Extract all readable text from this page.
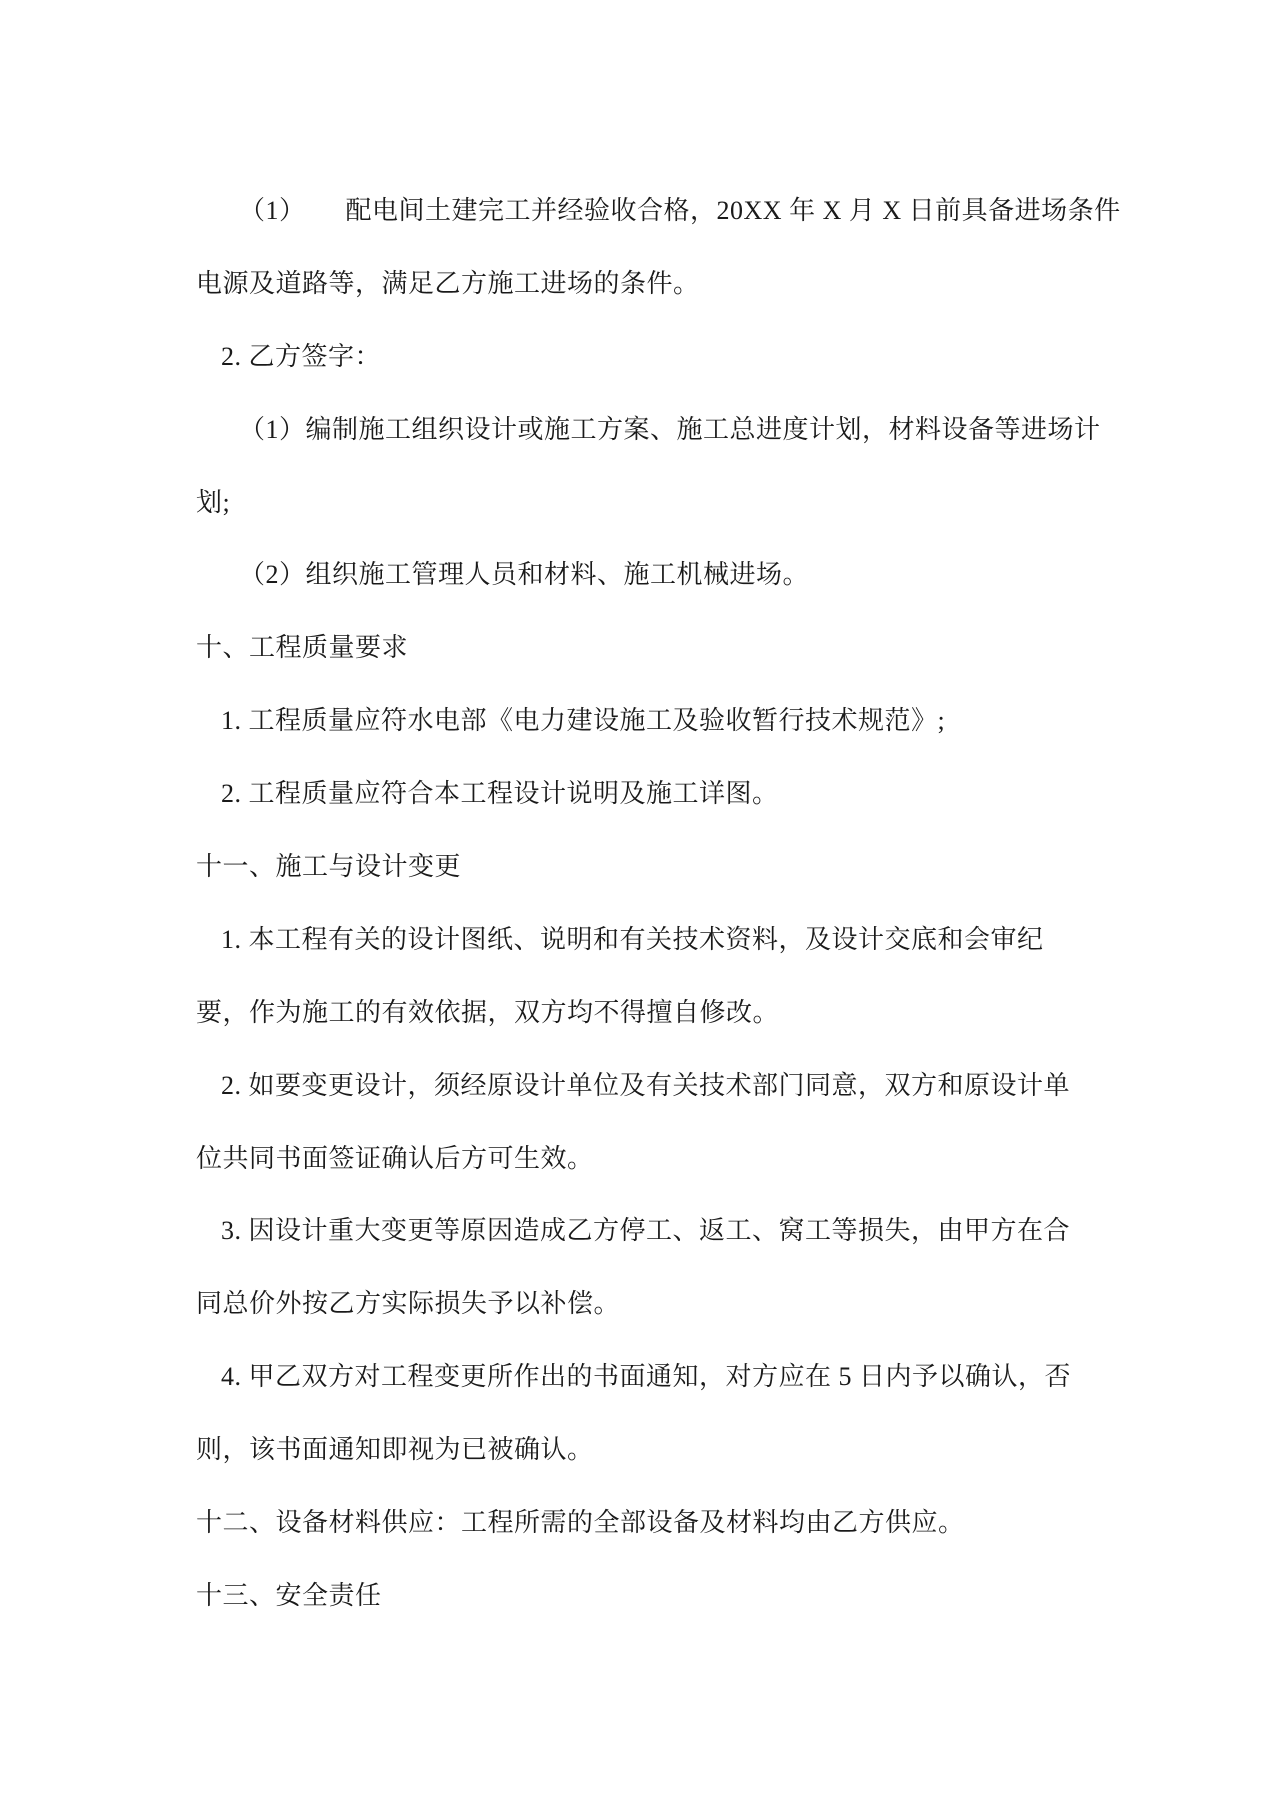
（1） 配电间土建完工并经验收合格，20XX 年 X 月 X 日前具备进场条件
电源及道路等，满足乙方施工进场的条件。
2. 乙方签字：
（1）编制施工组织设计或施工方案、施工总进度计划，材料设备等进场计
划;
（2）组织施工管理人员和材料、施工机械进场。
十、工程质量要求
1. 工程质量应符水电部《电力建设施工及验收暂行技术规范》;
2. 工程质量应符合本工程设计说明及施工详图。
十一、施工与设计变更
1. 本工程有关的设计图纸、说明和有关技术资料，及设计交底和会审纪
要，作为施工的有效依据，双方均不得擅自修改。
2. 如要变更设计，须经原设计单位及有关技术部门同意，双方和原设计单
位共同书面签证确认后方可生效。
3. 因设计重大变更等原因造成乙方停工、返工、窝工等损失，由甲方在合
同总价外按乙方实际损失予以补偿。
4. 甲乙双方对工程变更所作出的书面通知，对方应在 5 日内予以确认，否
则，该书面通知即视为已被确认。
十二、设备材料供应：工程所需的全部设备及材料均由乙方供应。
十三、安全责任
